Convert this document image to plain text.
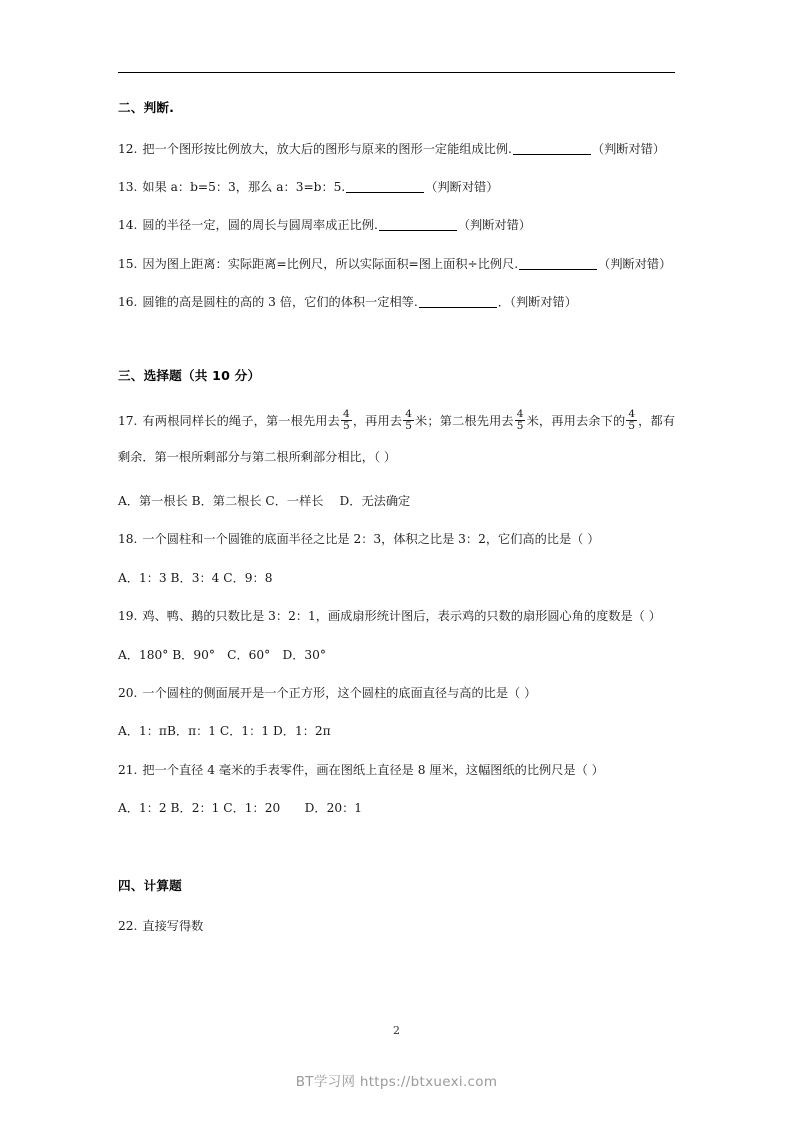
二、判断.

12. 把一个图形按比例放大，放大后的图形与原来的图形一定能组成比例.	（判断对错）

13. 如果 a：b=5：3，那么 a：3=b：5.	（判断对错）

14. 圆的半径一定，圆的周长与圆周率成正比例.	（判断对错）

15. 因为图上距离：实际距离=比例尺，所以实际面积=图上面积÷比例尺.	（判断对错）

16. 圆锥的高是圆柱的高的 3 倍，它们的体积一定相等.	．（判断对错）

三、选择题（共 10 分）

17. 有两根同样长的绳子，第一根先用去 $\frac{4}{5}$ ，再用去 $\frac{4}{5}$ 米；第二根先用去 $\frac{4}{5}$ 米，再用去余下的 $\frac{4}{5}$ ，都有剩余．第一根所剩部分与第二根所剩部分相比，（ ）

A．第一根长 B．第二根长 C．一样长　 D．无法确定

18. 一个圆柱和一个圆锥的底面半径之比是 2：3，体积之比是 3：2，它们高的比是（ ）

A．1：3 B．3：4 C．9：8

19. 鸡、鸭、鹅的只数比是 3：2：1，画成扇形统计图后，表示鸡的只数的扇形圆心角的度数是（ ）

A．180° B．90°　C．60°　D．30°

20. 一个圆柱的侧面展开是一个正方形，这个圆柱的底面直径与高的比是（ ）

A．1：πB．π：1 C．1：1 D．1：2π

21. 把一个直径 4 毫米的手表零件，画在图纸上直径是 8 厘米，这幅图纸的比例尺是（ ）

A．1：2 B．2：1 C．1：20　　D．20：1

四、计算题

22. 直接写得数

2
BT学习网 https://btxuexi.com
